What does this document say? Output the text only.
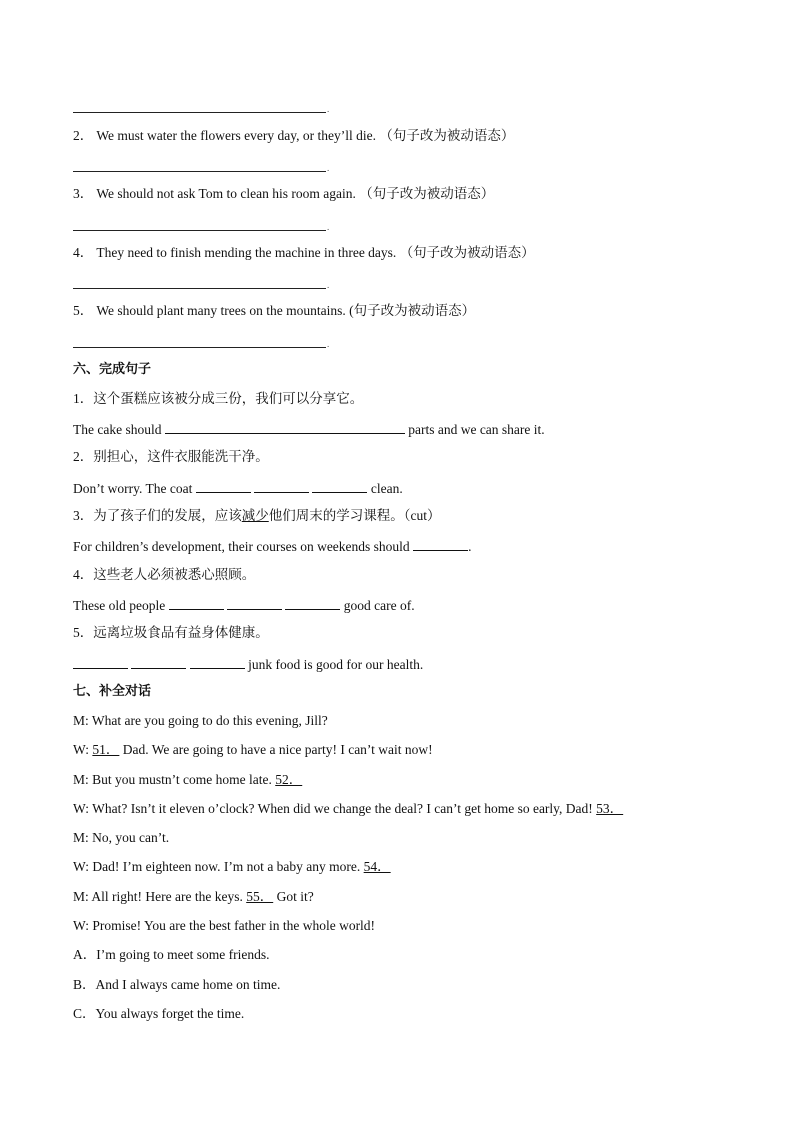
.
2． We must water the flowers every day, or they’ll die. （句子改为被动语态）
.
3． We should not ask Tom to clean his room again. （句子改为被动语态）
.
4． They need to finish mending the machine in three days. （句子改为被动语态）
.
5． We should plant many trees on the mountains. (句子改为被动语态）
.
六、完成句子
1．这个蛋糕应该被分成三份，我们可以分享它。
The cake should	parts and we can share it.
2．别担心，这件衣服能洗干净。
Don’t worry. The coat	clean.
3．为了孩子们的发展，应该减少他们周末的学习课程。（cut）
For children’s development, their courses on weekends should	.
4．这些老人必须被悉心照顾。
These old people	good care of.
5．远离垃圾食品有益身体健康。
junk food is good for our health.
七、补全对话
M: What are you going to do this evening, Jill?
W: 51． Dad. We are going to have a nice party! I can’t wait now!
M: But you mustn’t come home late. 52．
W: What? Isn’t it eleven o’clock? When did we change the deal? I can’t get home so early, Dad! 53．
M: No, you can’t.
W: Dad! I’m eighteen now. I’m not a baby any more. 54．
M: All right! Here are the keys. 55． Got it?
W: Promise! You are the best father in the whole world!
A．I’m going to meet some friends.
B．And I always came home on time.
C．You always forget the time.
